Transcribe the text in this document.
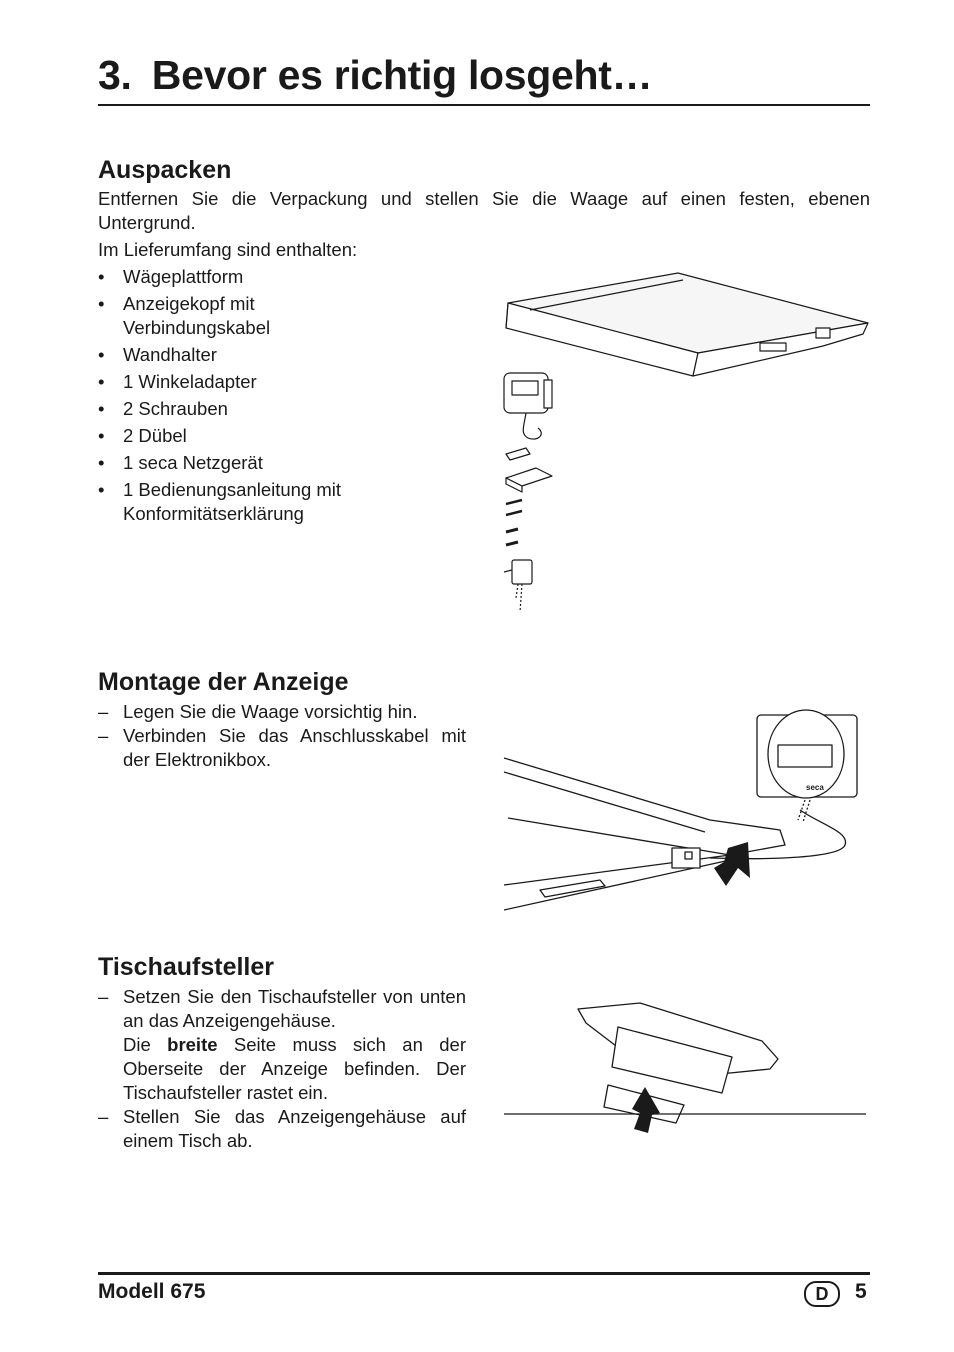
3. Bevor es richtig losgeht…
Auspacken

Entfernen Sie die Verpackung und stellen Sie die Waage auf einen festen, ebenen Untergrund.

Im Lieferumfang sind enthalten:

• Wägeplattform
• Anzeigekopf mit Verbindungskabel
• Wandhalter
• 1 Winkeladapter
• 2 Schrauben
• 2 Dübel
• 1 seca Netzgerät
• 1 Bedienungsanleitung mit Konformitätserklärung
Montage der Anzeige
– Legen Sie die Waage vorsichtig hin.
– Verbinden Sie das Anschlusskabel mit der Elektronikbox.
seca
Tischaufsteller
– Setzen Sie den Tischaufsteller von unten an das Anzeigengehäuse.
Die breite Seite muss sich an der Oberseite der Anzeige befinden. Der Tischaufsteller rastet ein.
– Stellen Sie das Anzeigengehäuse auf einem Tisch ab.
Modell 675	D	5
